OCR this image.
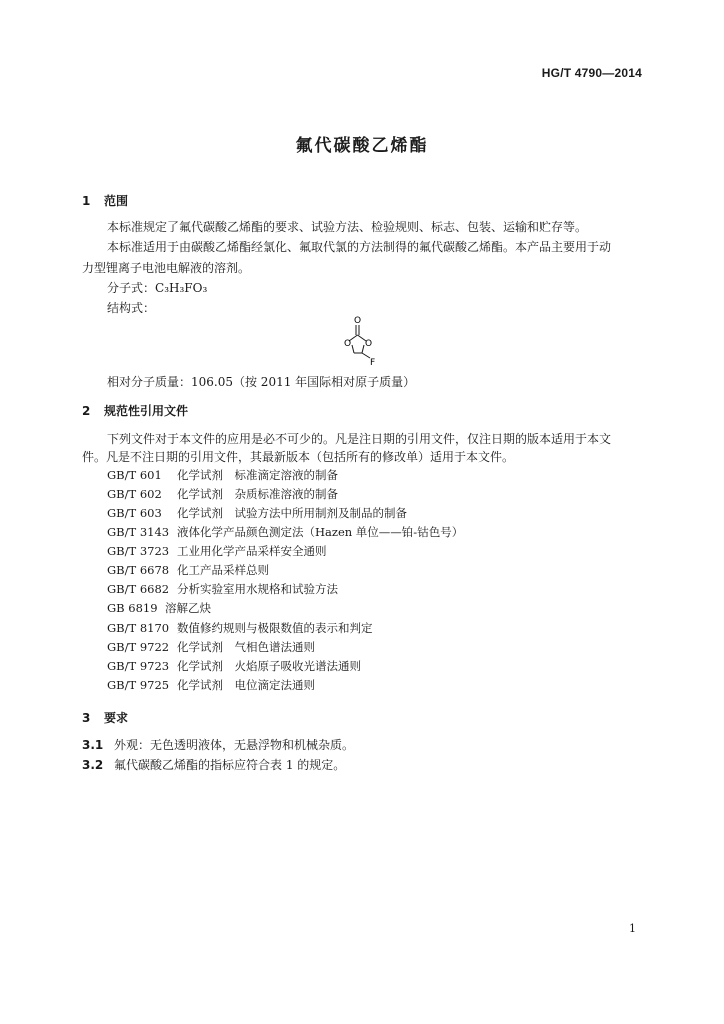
HG/T 4790—2014
氟代碳酸乙烯酯
1 范围
本标准规定了氟代碳酸乙烯酯的要求、试验方法、检验规则、标志、包装、运输和贮存等。
本标准适用于由碳酸乙烯酯经氯化、氟取代氯的方法制得的氟代碳酸乙烯酯。本产品主要用于动
力型锂离子电池电解液的溶剂。
分子式：C₃H₃FO₃
结构式：
O
O O
F
相对分子质量：106.05（按 2011 年国际相对原子质量）
2 规范性引用文件
下列文件对于本文件的应用是必不可少的。凡是注日期的引用文件，仅注日期的版本适用于本文
件。凡是不注日期的引用文件，其最新版本（包括所有的修改单）适用于本文件。
GB/T 601 化学试剂　标准滴定溶液的制备
GB/T 602 化学试剂　杂质标准溶液的制备
GB/T 603 化学试剂　试验方法中所用制剂及制品的制备
GB/T 3143 液体化学产品颜色测定法（Hazen 单位——铂-钴色号）
GB/T 3723 工业用化学产品采样安全通则
GB/T 6678 化工产品采样总则
GB/T 6682 分析实验室用水规格和试验方法
GB 6819 溶解乙炔
GB/T 8170 数值修约规则与极限数值的表示和判定
GB/T 9722 化学试剂　气相色谱法通则
GB/T 9723 化学试剂　火焰原子吸收光谱法通则
GB/T 9725 化学试剂　电位滴定法通则
3 要求
3.1 外观：无色透明液体，无悬浮物和机械杂质。
3.2 氟代碳酸乙烯酯的指标应符合表 1 的规定。
1
